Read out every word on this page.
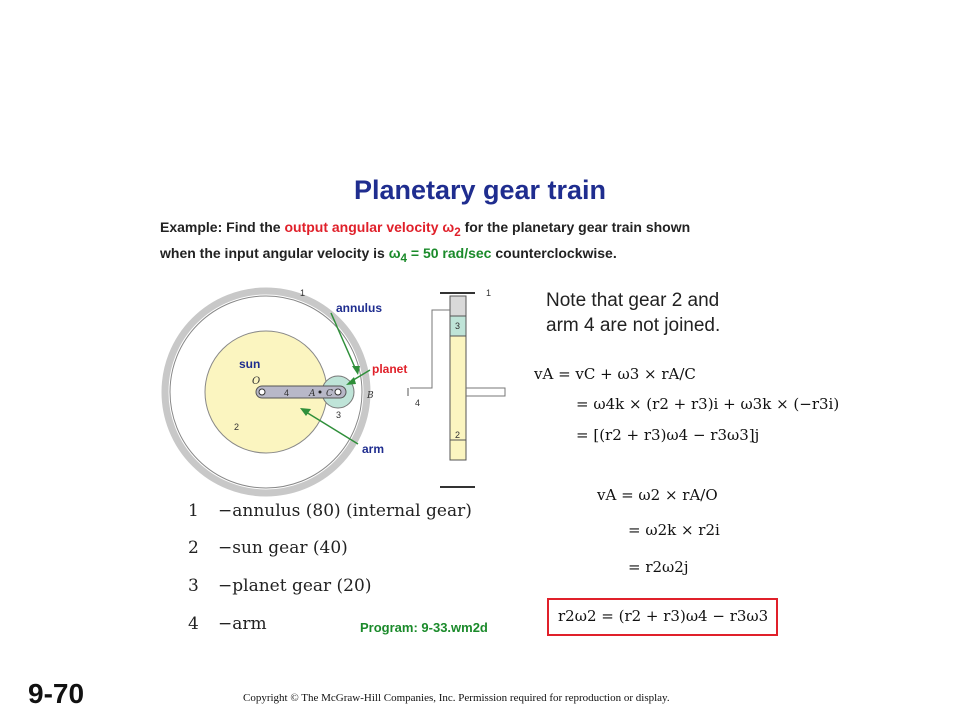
Planetary gear train
Example: Find the output angular velocity $\omega_2$ for the planetary gear train shown
when the input angular velocity is $\omega_4 = 50$ rad/sec counterclockwise.
1
sun
O
4 A C	B
2
3
annulus
planet
arm
1
3
4
2
Note that gear 2 and
arm 4 are not joined.
vA = vC + ω3 × rA/C
= ω4k × (r2 + r3)i + ω3k × (−r3i)
= [(r2 + r3)ω4 − r3ω3]j
vA = ω2 × rA/O
= ω2k × r2i
= r2ω2j
r2ω2 = (r2 + r3)ω4 − r3ω3
1 −annulus (80) (internal gear)
2 −sun gear (40)
3 −planet gear (20)
4 −arm	Program: 9-33.wm2d
9-70	Copyright © The McGraw-Hill Companies, Inc. Permission required for reproduction or display.
